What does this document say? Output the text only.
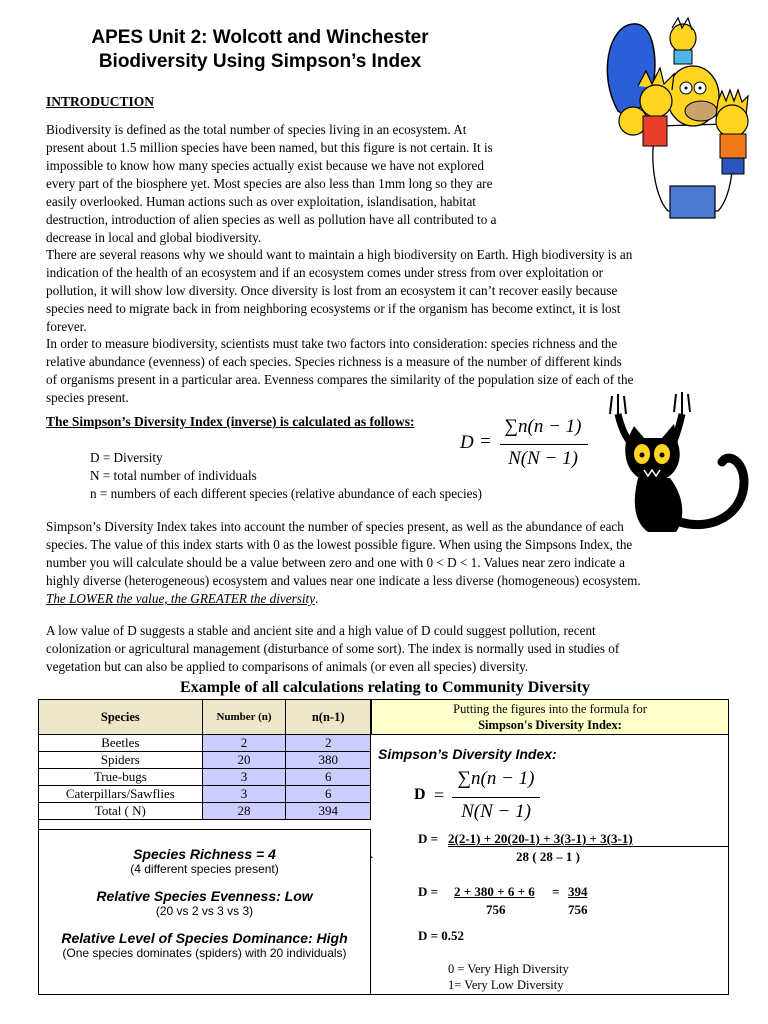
APES Unit 2: Wolcott and Winchester
Biodiversity Using Simpson’s Index
INTRODUCTION
Biodiversity is defined as the total number of species living in an ecosystem. At
present about 1.5 million species have been named, but this figure is not certain. It is
impossible to know how many species actually exist because we have not explored
every part of the biosphere yet. Most species are also less than 1mm long so they are
easily overlooked. Human actions such as over exploitation, islandisation, habitat
destruction, introduction of alien species as well as pollution have all contributed to a
decrease in local and global biodiversity.
There are several reasons why we should want to maintain a high biodiversity on Earth. High biodiversity is an
indication of the health of an ecosystem and if an ecosystem comes under stress from over exploitation or
pollution, it will show low diversity. Once diversity is lost from an ecosystem it can’t recover easily because
species need to migrate back in from neighboring ecosystems or if the organism has become extinct, it is lost
forever.
In order to measure biodiversity, scientists must take two factors into consideration: species richness and the
relative abundance (evenness) of each species. Species richness is a measure of the number of different kinds
of organisms present in a particular area. Evenness compares the similarity of the population size of each of the
species present.
The Simpson’s Diversity Index (inverse) is calculated as follows:
D =
∑n(n − 1)
N(N − 1)
D = Diversity
N = total number of individuals
n = numbers of each different species (relative abundance of each species)
Simpson’s Diversity Index takes into account the number of species present, as well as the abundance of each
species. The value of this index starts with 0 as the lowest possible figure. When using the Simpsons Index, the
number you will calculate should be a value between zero and one with 0 < D < 1. Values near zero indicate a
highly diverse (heterogeneous) ecosystem and values near one indicate a less diverse (homogeneous) ecosystem.
The LOWER the value, the GREATER the diversity.
A low value of D suggests a stable and ancient site and a high value of D could suggest pollution, recent
colonization or agricultural management (disturbance of some sort). The index is normally used in studies of
vegetation but can also be applied to comparisons of animals (or even all species) diversity.
Example of all calculations relating to Community Diversity
Species	Number (n)	n(n-1)
Beetles	2	2
Spiders	20	380
True-bugs	3	6
Caterpillars/Sawflies	3	6
Total ( N)	28	394
Species Richness = 4
(4 different species present)
Relative Species Evenness: Low
(20 vs 2 vs 3 vs 3)
Relative Level of Species Dominance: High
(One species dominates (spiders) with 20 individuals)
.
Putting the figures into the formula for
Simpson's Diversity Index:
Simpson’s Diversity Index:
D =
∑n(n − 1)
N(N − 1)
D = 2(2-1) + 20(20-1) + 3(3-1) + 3(3-1)
28 ( 28 – 1 )
D = 2 + 380 + 6 + 6
756
= 394
756
D = 0.52
0 = Very High Diversity
1= Very Low Diversity
